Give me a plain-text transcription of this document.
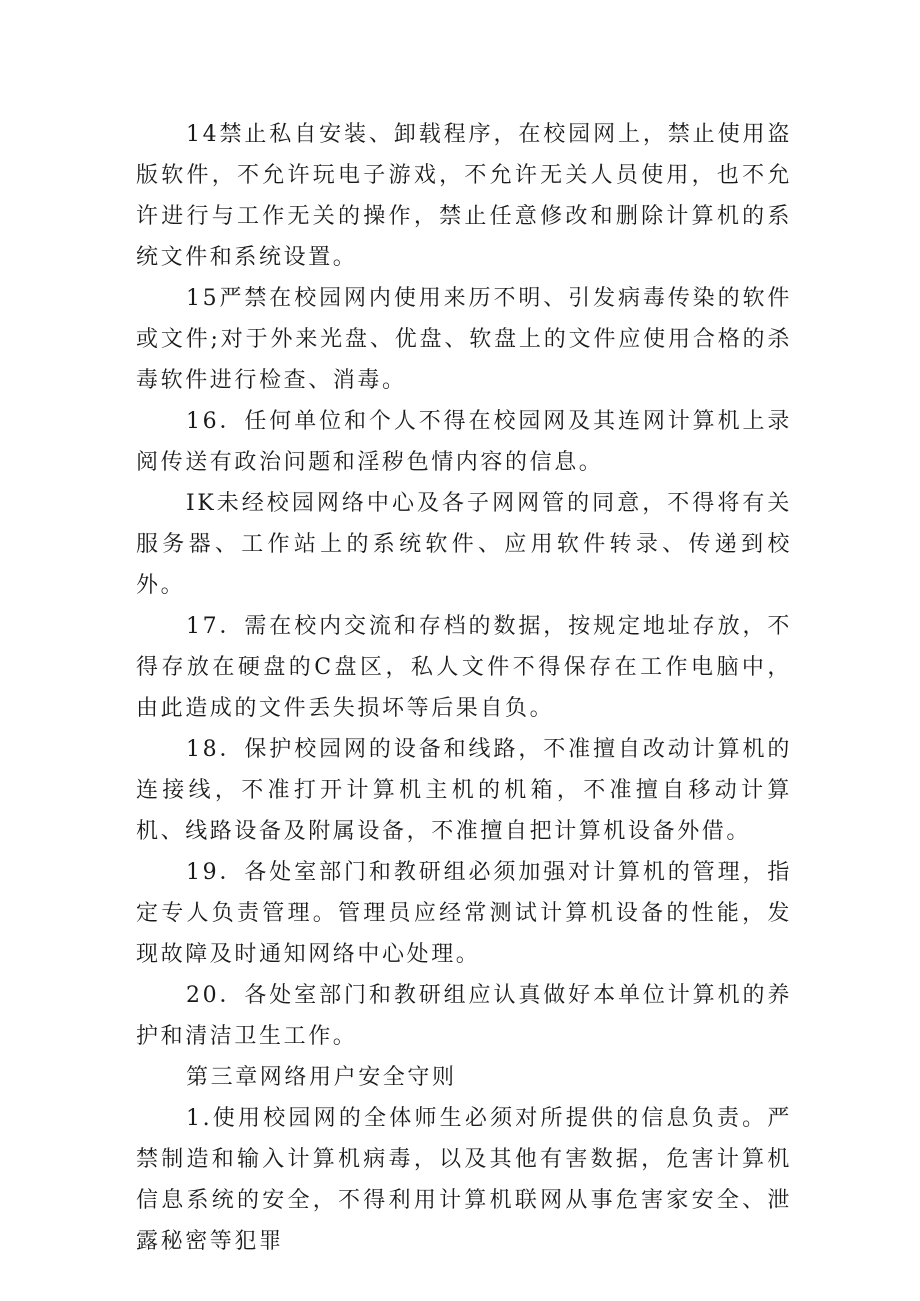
14禁止私自安装、卸载程序，在校园网上，禁止使用盗版软件，不允许玩电子游戏，不允许无关人员使用，也不允许进行与工作无关的操作，禁止任意修改和删除计算机的系统文件和系统设置。

15严禁在校园网内使用来历不明、引发病毒传染的软件或文件;对于外来光盘、优盘、软盘上的文件应使用合格的杀毒软件进行检查、消毒。

16．任何单位和个人不得在校园网及其连网计算机上录阅传送有政治问题和淫秽色情内容的信息。

IK未经校园网络中心及各子网网管的同意，不得将有关服务器、工作站上的系统软件、应用软件转录、传递到校外。

17．需在校内交流和存档的数据，按规定地址存放，不得存放在硬盘的C盘区，私人文件不得保存在工作电脑中，由此造成的文件丢失损坏等后果自负。

18．保护校园网的设备和线路，不准擅自改动计算机的连接线，不准打开计算机主机的机箱，不准擅自移动计算机、线路设备及附属设备，不准擅自把计算机设备外借。

19．各处室部门和教研组必须加强对计算机的管理，指定专人负责管理。管理员应经常测试计算机设备的性能，发现故障及时通知网络中心处理。

20．各处室部门和教研组应认真做好本单位计算机的养护和清洁卫生工作。

第三章网络用户安全守则

1.使用校园网的全体师生必须对所提供的信息负责。严禁制造和输入计算机病毒，以及其他有害数据，危害计算机信息系统的安全，不得利用计算机联网从事危害家安全、泄露秘密等犯罪
